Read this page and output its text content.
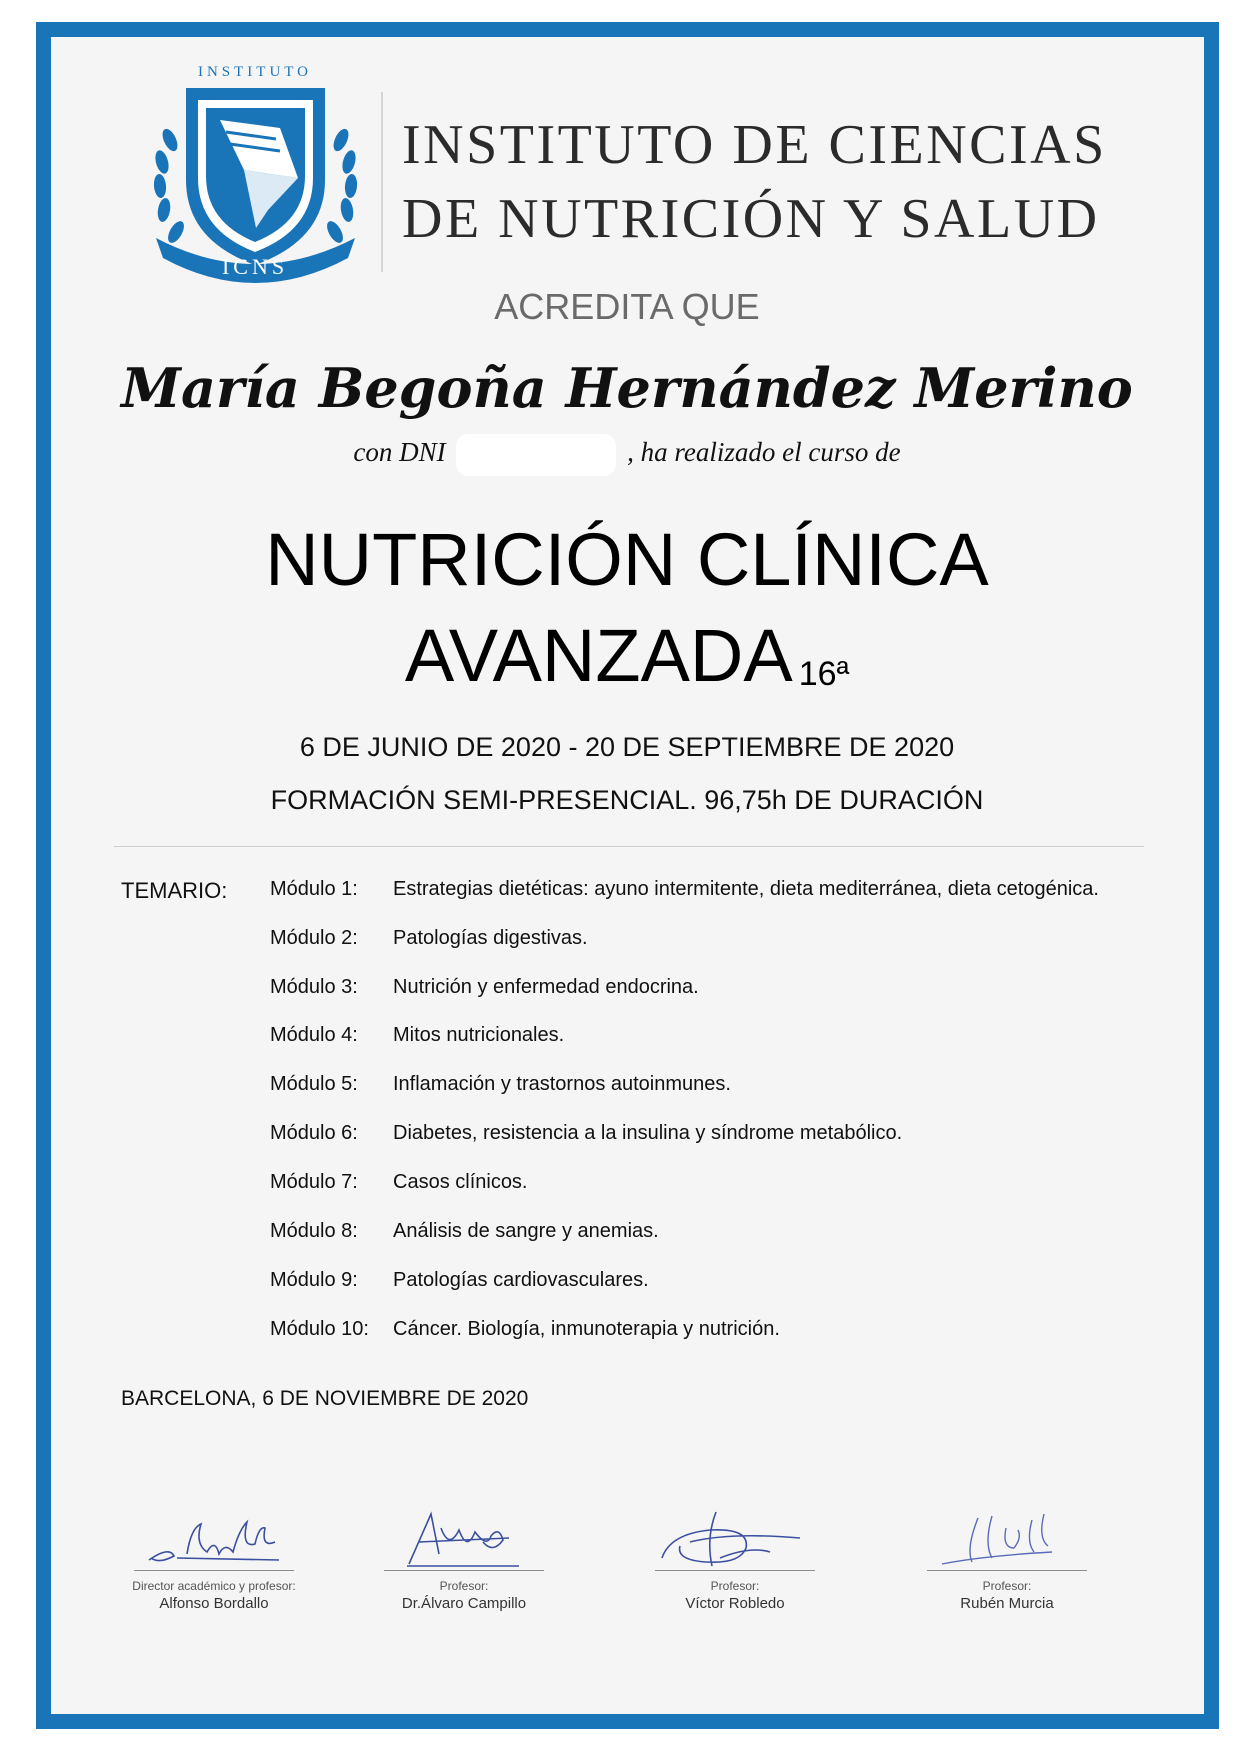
INSTITUTO
ICNS
INSTITUTO DE CIENCIAS
DE NUTRICIÓN Y SALUD
ACREDITA QUE
María Begoña Hernández Merino
con DNI	, ha realizado el curso de
NUTRICIÓN CLÍNICA
AVANZADA 16ª
6 DE JUNIO DE 2020 - 20 DE SEPTIEMBRE DE 2020
FORMACIÓN SEMI-PRESENCIAL. 96,75h DE DURACIÓN
TEMARIO: Módulo 1: Estrategias dietéticas: ayuno intermitente, dieta mediterránea, dieta cetogénica.
Módulo 2: Patologías digestivas.
Módulo 3: Nutrición y enfermedad endocrina.
Módulo 4: Mitos nutricionales.
Módulo 5: Inflamación y trastornos autoinmunes.
Módulo 6: Diabetes, resistencia a la insulina y síndrome metabólico.
Módulo 7: Casos clínicos.
Módulo 8: Análisis de sangre y anemias.
Módulo 9: Patologías cardiovasculares.
Módulo 10: Cáncer. Biología, inmunoterapia y nutrición.
BARCELONA, 6 DE NOVIEMBRE DE 2020
Director académico y profesor:
Alfonso Bordallo
Profesor:
Dr.Álvaro Campillo
Profesor:
Víctor Robledo
Profesor:
Rubén Murcia
